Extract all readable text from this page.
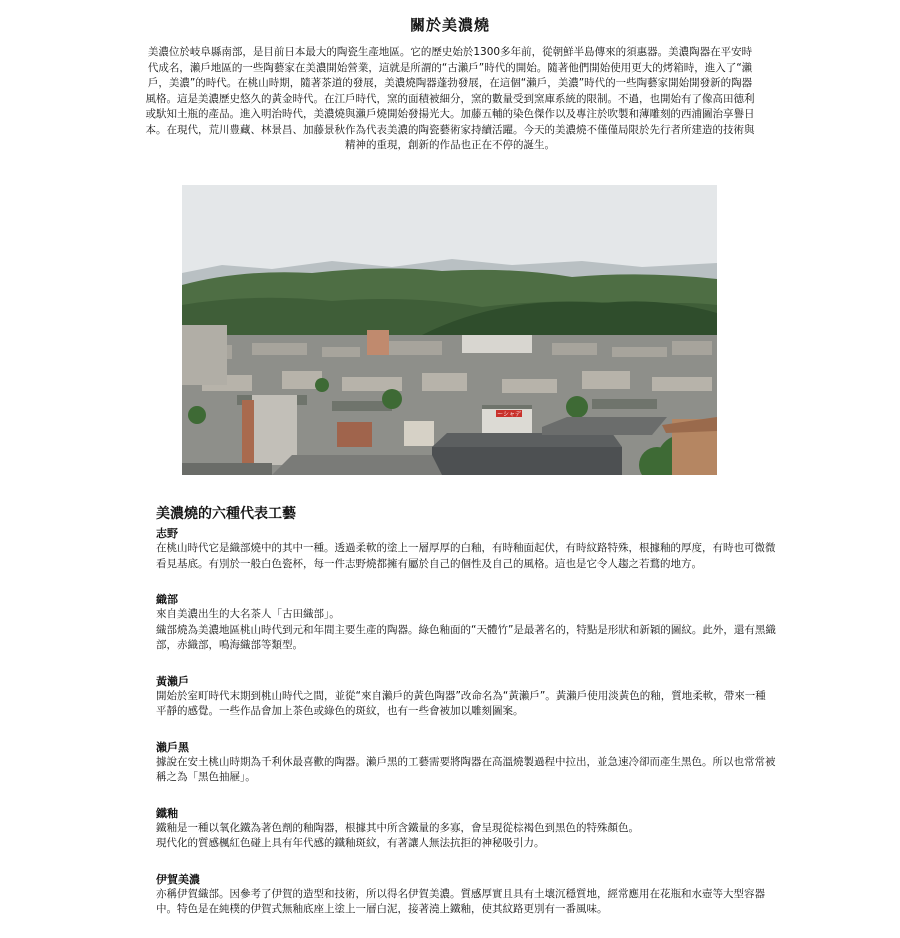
關於美濃燒

美濃位於岐阜縣南部，是目前日本最大的陶瓷生產地區。它的歷史始於1300多年前，從朝鮮半島傳來的須惠器。美濃陶器在平安時代成名，瀨戶地區的一些陶藝家在美濃開始營業，這就是所謂的“古瀨戶”時代的開始。隨著他們開始使用更大的烤箱時，進入了“瀨戶，美濃”的時代。在桃山時期，隨著茶道的發展，美濃燒陶器蓬勃發展，在這個“瀨戶，美濃”時代的一些陶藝家開始開發新的陶器風格。這是美濃歷史悠久的黃金時代。在江戶時代，窯的面積被細分，窯的數量受到窯庫系統的限制。不過，也開始有了像高田德利或馱知土瓶的產品。進入明治時代，美濃燒與瀨戶燒開始發揚光大。加藤五輔的染色傑作以及專注於吹製和薄雕刻的西浦圖治享譽日本。在現代，荒川豊藏、林景昌、加藤景秋作為代表美濃的陶瓷藝術家持續活躍。今天的美濃燒不僅僅局限於先行者所建造的技術與精神的重現，創新的作品也正在不停的誕生。

ーシャデ
美濃燒的六種代表工藝

志野

在桃山時代它是織部燒中的其中一種。透過柔軟的塗上一層厚厚的白釉，有時釉面起伏，有時紋路特殊，根據釉的厚度，有時也可微微看見基底。有別於一般白色瓷杯，每一件志野燒都擁有屬於自己的個性及自己的風格。這也是它令人趨之若鶩的地方。

織部

來自美濃出生的大名茶人「古田織部」。
織部燒為美濃地區桃山時代到元和年間主要生產的陶器。綠色釉面的“天體竹”是最著名的，特點是形狀和新穎的圖紋。此外，還有黑織部，赤織部，鳴海織部等類型。

黃瀨戶

開始於室町時代末期到桃山時代之間，並從“來自瀨戶的黃色陶器”改命名為“黃瀨戶”。黃瀨戶使用淡黃色的釉，質地柔軟，帶來一種平靜的感覺。一些作品會加上茶色或綠色的斑紋，也有一些會被加以雕刻圖案。

瀨戶黑

據說在安土桃山時期為千利休最喜歡的陶器。瀨戶黑的工藝需要將陶器在高溫燒製過程中拉出，並急速冷卻而產生黑色。所以也常常被稱之為「黑色抽屜」。

鐵釉

鐵釉是一種以氧化鐵為著色劑的釉陶器，根據其中所含鐵量的多寡，會呈現從棕褐色到黑色的特殊顏色。
現代化的質感楓紅色碰上具有年代感的鐵釉斑紋，有著讓人無法抗拒的神秘吸引力。

伊賀美濃

亦稱伊賀織部。因參考了伊賀的造型和技術，所以得名伊賀美濃。質感厚實且具有土壤沉穩質地，經常應用在花瓶和水壺等大型容器中。特色是在純樸的伊賀式無釉底座上塗上一層白泥，接著澆上鐵釉，使其紋路更別有一番風味。
